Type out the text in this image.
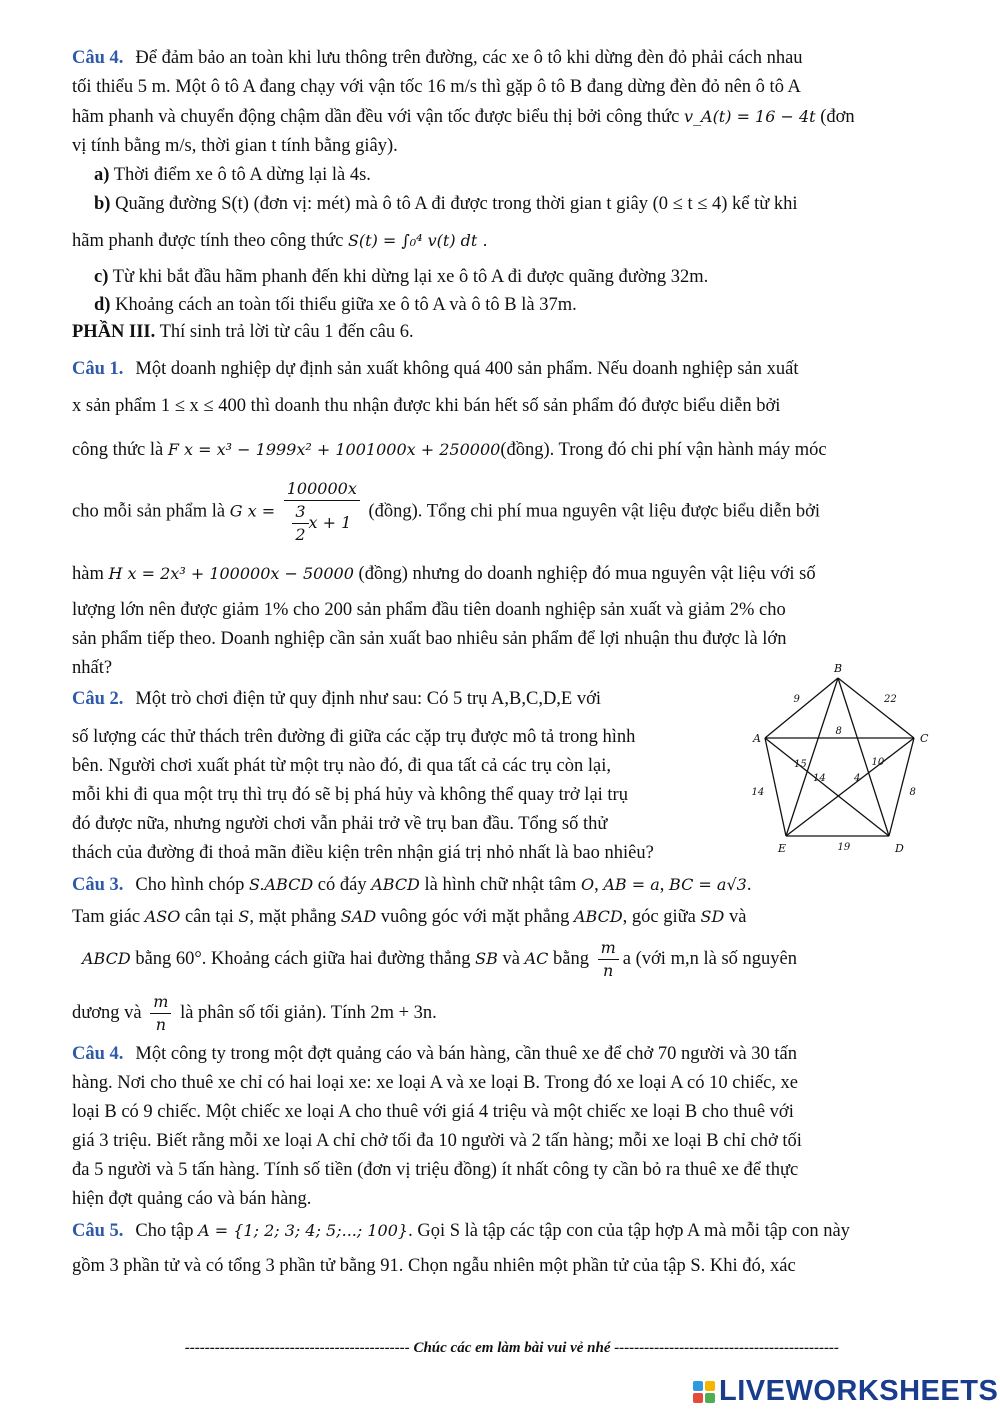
Câu 4. Để đảm bảo an toàn khi lưu thông trên đường, các xe ô tô khi dừng đèn đỏ phải cách nhau

tối thiểu 5 m. Một ô tô A đang chạy với vận tốc 16 m/s thì gặp ô tô B đang dừng đèn đỏ nên ô tô A

hãm phanh và chuyển động chậm dần đều với vận tốc được biểu thị bởi công thức v_A(t) = 16 − 4t (đơn

vị tính bằng m/s, thời gian t tính bằng giây).

a) Thời điểm xe ô tô A dừng lại là 4s.

b) Quãng đường S(t) (đơn vị: mét) mà ô tô A đi được trong thời gian t giây (0 ≤ t ≤ 4) kể từ khi

hãm phanh được tính theo công thức S(t) = ∫₀⁴ v(t) dt .

c) Từ khi bắt đầu hãm phanh đến khi dừng lại xe ô tô A đi được quãng đường 32m.

d) Khoảng cách an toàn tối thiểu giữa xe ô tô A và ô tô B là 37m.

PHẦN III. Thí sinh trả lời từ câu 1 đến câu 6.

Câu 1. Một doanh nghiệp dự định sản xuất không quá 400 sản phẩm. Nếu doanh nghiệp sản xuất

x sản phẩm 1 ≤ x ≤ 400 thì doanh thu nhận được khi bán hết số sản phẩm đó được biểu diễn bởi

công thức là F x = x³ − 1999x² + 1001000x + 250000(đồng). Trong đó chi phí vận hành máy móc

cho mỗi sản phẩm là G $x = \frac{100000x}{\frac{3}{2} x + 1}$ (đồng). Tổng chi phí mua nguyên vật liệu được biểu diễn bởi

hàm H x = 2x³ + 100000x − 50000 (đồng) nhưng do doanh nghiệp đó mua nguyên vật liệu với số

lượng lớn nên được giảm 1% cho 200 sản phẩm đầu tiên doanh nghiệp sản xuất và giảm 2% cho

sản phẩm tiếp theo. Doanh nghiệp cần sản xuất bao nhiêu sản phẩm để lợi nhuận thu được là lớn

nhất?

Câu 2. Một trò chơi điện tử quy định như sau: Có 5 trụ A,B,C,D,E với

số lượng các thử thách trên đường đi giữa các cặp trụ được mô tả trong hình

bên. Người chơi xuất phát từ một trụ nào đó, đi qua tất cả các trụ còn lại,

mỗi khi đi qua một trụ thì trụ đó sẽ bị phá hủy và không thể quay trở lại trụ

đó được nữa, nhưng người chơi vẫn phải trở về trụ ban đầu. Tổng số thử

thách của đường đi thoả mãn điều kiện trên nhận giá trị nhỏ nhất là bao nhiêu?

Câu 3. Cho hình chóp S.ABCD có đáy ABCD là hình chữ nhật tâm O, AB = a, BC = a√3.

Tam giác ASO cân tại S, mặt phẳng SAD vuông góc với mặt phẳng ABCD, góc giữa SD và

ABCD bằng 60°. Khoảng cách giữa hai đường thẳng SB và AC bằng $\frac{m}{n}$ a (với m,n là số nguyên

dương và $\frac{m}{n}$ là phân số tối giản). Tính 2m + 3n.

Câu 4. Một công ty trong một đợt quảng cáo và bán hàng, cần thuê xe để chở 70 người và 30 tấn

hàng. Nơi cho thuê xe chỉ có hai loại xe: xe loại A và xe loại B. Trong đó xe loại A có 10 chiếc, xe

loại B có 9 chiếc. Một chiếc xe loại A cho thuê với giá 4 triệu và một chiếc xe loại B cho thuê với

giá 3 triệu. Biết rằng mỗi xe loại A chỉ chở tối đa 10 người và 2 tấn hàng; mỗi xe loại B chỉ chở tối

đa 5 người và 5 tấn hàng. Tính số tiền (đơn vị triệu đồng) ít nhất công ty cần bỏ ra thuê xe để thực

hiện đợt quảng cáo và bán hàng.

Câu 5. Cho tập A = {1; 2; 3; 4; 5;...; 100}. Gọi S là tập các tập con của tập hợp A mà mỗi tập con này

gồm 3 phần tử và có tổng 3 phần tử bằng 91. Chọn ngẫu nhiên một phần tử của tập S. Khi đó, xác

9	22
8
15	10
14
14	4
8
19
A
B
C
D
E
--------------------------------------------- Chúc các em làm bài vui vẻ nhé ---------------------------------------------
LIVEWORKSHEETS
